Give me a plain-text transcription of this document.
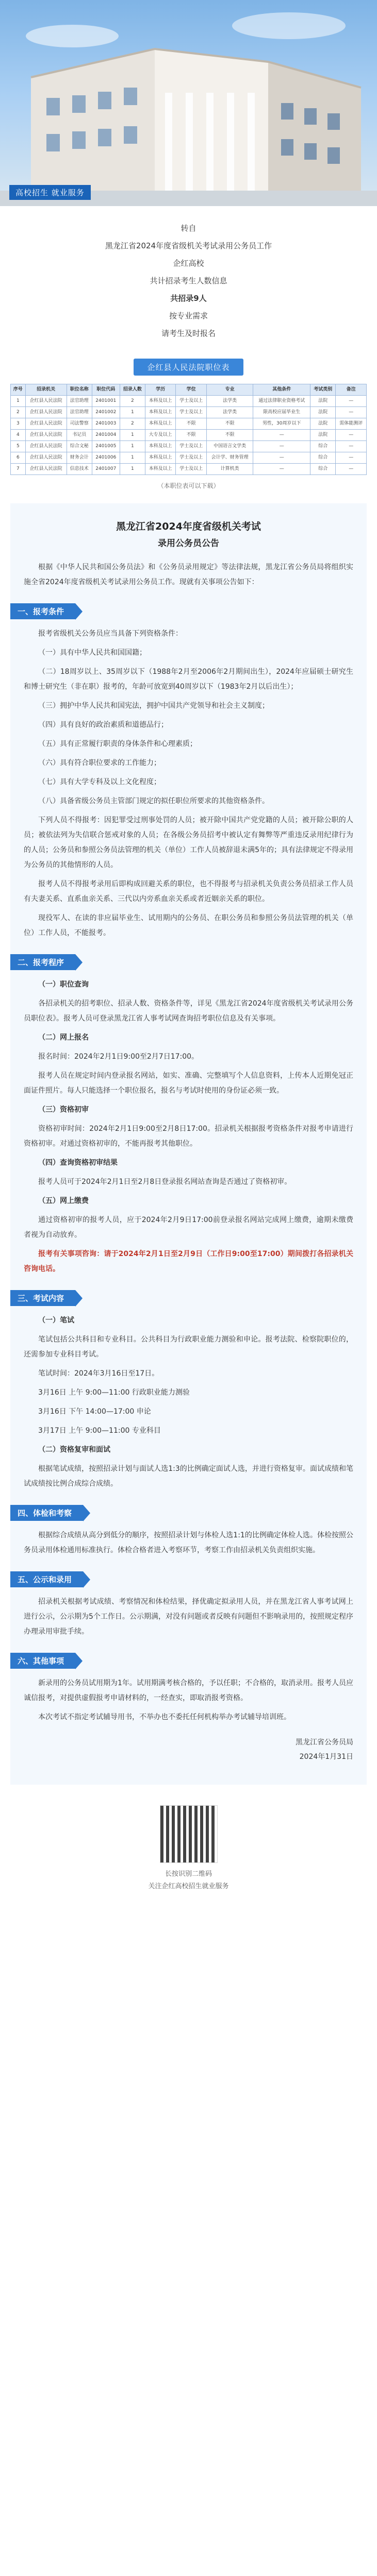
高校招生 就业服务
转自
黑龙江省2024年度省级机关考试录用公务员工作
企红高校
共计招录考生人数信息
共招录9人
按专业需求
请考生及时报名
企红县人民法院职位表
序号	招录机关	职位名称	职位代码	招录人数	学历	学位	专业	其他条件	考试类别	备注
1	企红县人民法院	法官助理	2401001	2	本科及以上	学士及以上	法学类	通过法律职业资格考试	法院	—
2	企红县人民法院	法官助理	2401002	1	本科及以上	学士及以上	法学类	限高校应届毕业生	法院	—
3	企红县人民法院	司法警察	2401003	2	本科及以上	不限	不限	男性，30周岁以下	法院	需体能测评
4	企红县人民法院	书记员	2401004	1	大专及以上	不限	不限	—	法院	—
5	企红县人民法院	综合文秘	2401005	1	本科及以上	学士及以上	中国语言文学类	—	综合	—
6	企红县人民法院	财务会计	2401006	1	本科及以上	学士及以上	会计学、财务管理	—	综合	—
7	企红县人民法院	信息技术	2401007	1	本科及以上	学士及以上	计算机类	—	综合	—
（本职位表可以下载）
黑龙江省2024年度省级机关考试
录用公务员公告

根据《中华人民共和国公务员法》和《公务员录用规定》等法律法规，黑龙江省公务员局将组织实施全省2024年度省级机关考试录用公务员工作。现就有关事项公告如下：

一、报考条件

报考省级机关公务员应当具备下列资格条件：

（一）具有中华人民共和国国籍；

（二）18周岁以上、35周岁以下（1988年2月至2006年2月期间出生），2024年应届硕士研究生和博士研究生（非在职）报考的，年龄可放宽到40周岁以下（1983年2月以后出生）；

（三）拥护中华人民共和国宪法，拥护中国共产党领导和社会主义制度；

（四）具有良好的政治素质和道德品行；

（五）具有正常履行职责的身体条件和心理素质；

（六）具有符合职位要求的工作能力；

（七）具有大学专科及以上文化程度；

（八）具备省级公务员主管部门规定的拟任职位所要求的其他资格条件。

下列人员不得报考：因犯罪受过刑事处罚的人员；被开除中国共产党党籍的人员；被开除公职的人员；被依法列为失信联合惩戒对象的人员；在各级公务员招考中被认定有舞弊等严重违反录用纪律行为的人员；公务员和参照公务员法管理的机关（单位）工作人员被辞退未满5年的；具有法律规定不得录用为公务员的其他情形的人员。

报考人员不得报考录用后即构成回避关系的职位，也不得报考与招录机关负责公务员招录工作人员有夫妻关系、直系血亲关系、三代以内旁系血亲关系或者近姻亲关系的职位。

现役军人、在读的非应届毕业生、试用期内的公务员、在职公务员和参照公务员法管理的机关（单位）工作人员，不能报考。

二、报考程序

（一）职位查询

各招录机关的招考职位、招录人数、资格条件等，详见《黑龙江省2024年度省级机关考试录用公务员职位表》。报考人员可登录黑龙江省人事考试网查询招考职位信息及有关事项。

（二）网上报名

报名时间：2024年2月1日9:00至2月7日17:00。

报考人员在规定时间内登录报名网站，如实、准确、完整填写个人信息资料，上传本人近期免冠正面证件照片。每人只能选择一个职位报名，报名与考试时使用的身份证必须一致。

（三）资格初审

资格初审时间：2024年2月1日9:00至2月8日17:00。招录机关根据报考资格条件对报考申请进行资格初审。对通过资格初审的，不能再报考其他职位。

（四）查询资格初审结果

报考人员可于2024年2月1日至2月8日登录报名网站查询是否通过了资格初审。

（五）网上缴费

通过资格初审的报考人员，应于2024年2月9日17:00前登录报名网站完成网上缴费，逾期未缴费者视为自动放弃。

报考有关事项咨询：请于2024年2月1日至2月9日（工作日9:00至17:00）期间拨打各招录机关咨询电话。

三、考试内容

（一）笔试

笔试包括公共科目和专业科目。公共科目为行政职业能力测验和申论。报考法院、检察院职位的，还需参加专业科目考试。

笔试时间：2024年3月16日至17日。

3月16日 上午 9:00—11:00 行政职业能力测验

3月16日 下午 14:00—17:00 申论

3月17日 上午 9:00—11:00 专业科目

（二）资格复审和面试

根据笔试成绩，按照招录计划与面试人选1:3的比例确定面试人选，并进行资格复审。面试成绩和笔试成绩按比例合成综合成绩。

四、体检和考察

根据综合成绩从高分到低分的顺序，按照招录计划与体检人选1:1的比例确定体检人选。体检按照公务员录用体检通用标准执行。体检合格者进入考察环节，考察工作由招录机关负责组织实施。

五、公示和录用

招录机关根据考试成绩、考察情况和体检结果，择优确定拟录用人员，并在黑龙江省人事考试网上进行公示，公示期为5个工作日。公示期满，对没有问题或者反映有问题但不影响录用的，按照规定程序办理录用审批手续。

六、其他事项

新录用的公务员试用期为1年。试用期满考核合格的，予以任职；不合格的，取消录用。报考人员应诚信报考，对提供虚假报考申请材料的，一经查实，即取消报考资格。

本次考试不指定考试辅导用书，不举办也不委托任何机构举办考试辅导培训班。

黑龙江省公务员局
2024年1月31日
长按识别二维码
关注企红高校招生就业服务
